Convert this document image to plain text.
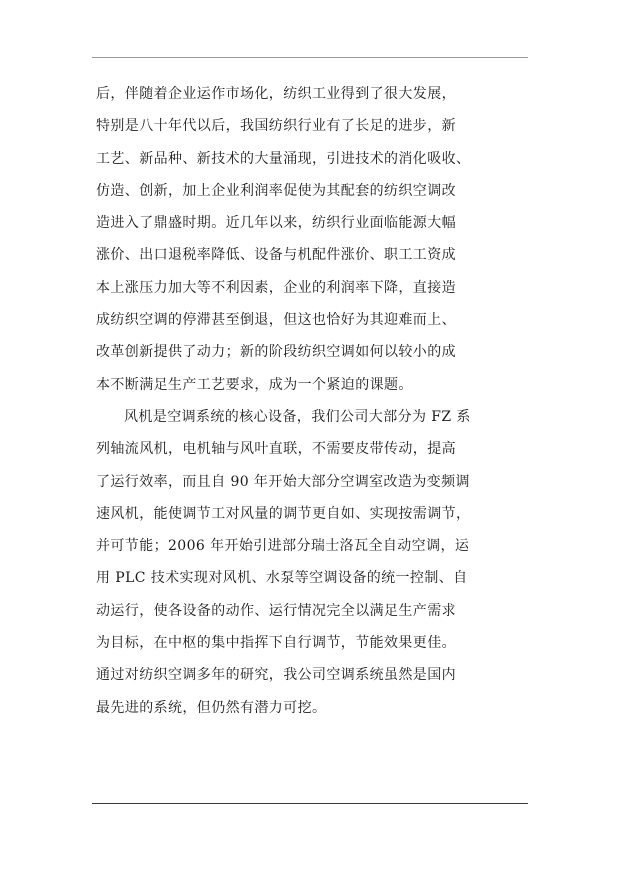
后，伴随着企业运作市场化，纺织工业得到了很大发展，
特别是八十年代以后，我国纺织行业有了长足的进步，新
工艺、新品种、新技术的大量涌现，引进技术的消化吸收、
仿造、创新，加上企业利润率促使为其配套的纺织空调改
造进入了鼎盛时期。近几年以来，纺织行业面临能源大幅
涨价、出口退税率降低、设备与机配件涨价、职工工资成
本上涨压力加大等不利因素，企业的利润率下降，直接造
成纺织空调的停滞甚至倒退，但这也恰好为其迎难而上、
改革创新提供了动力；新的阶段纺织空调如何以较小的成
本不断满足生产工艺要求，成为一个紧迫的课题。
风机是空调系统的核心设备，我们公司大部分为 FZ 系
列轴流风机，电机轴与风叶直联，不需要皮带传动，提高
了运行效率，而且自 90 年开始大部分空调室改造为变频调
速风机，能使调节工对风量的调节更自如、实现按需调节，
并可节能；2006 年开始引进部分瑞士洛瓦全自动空调，运
用 PLC 技术实现对风机、水泵等空调设备的统一控制、自
动运行，使各设备的动作、运行情况完全以满足生产需求
为目标，在中枢的集中指挥下自行调节，节能效果更佳。
通过对纺织空调多年的研究，我公司空调系统虽然是国内
最先进的系统，但仍然有潜力可挖。
